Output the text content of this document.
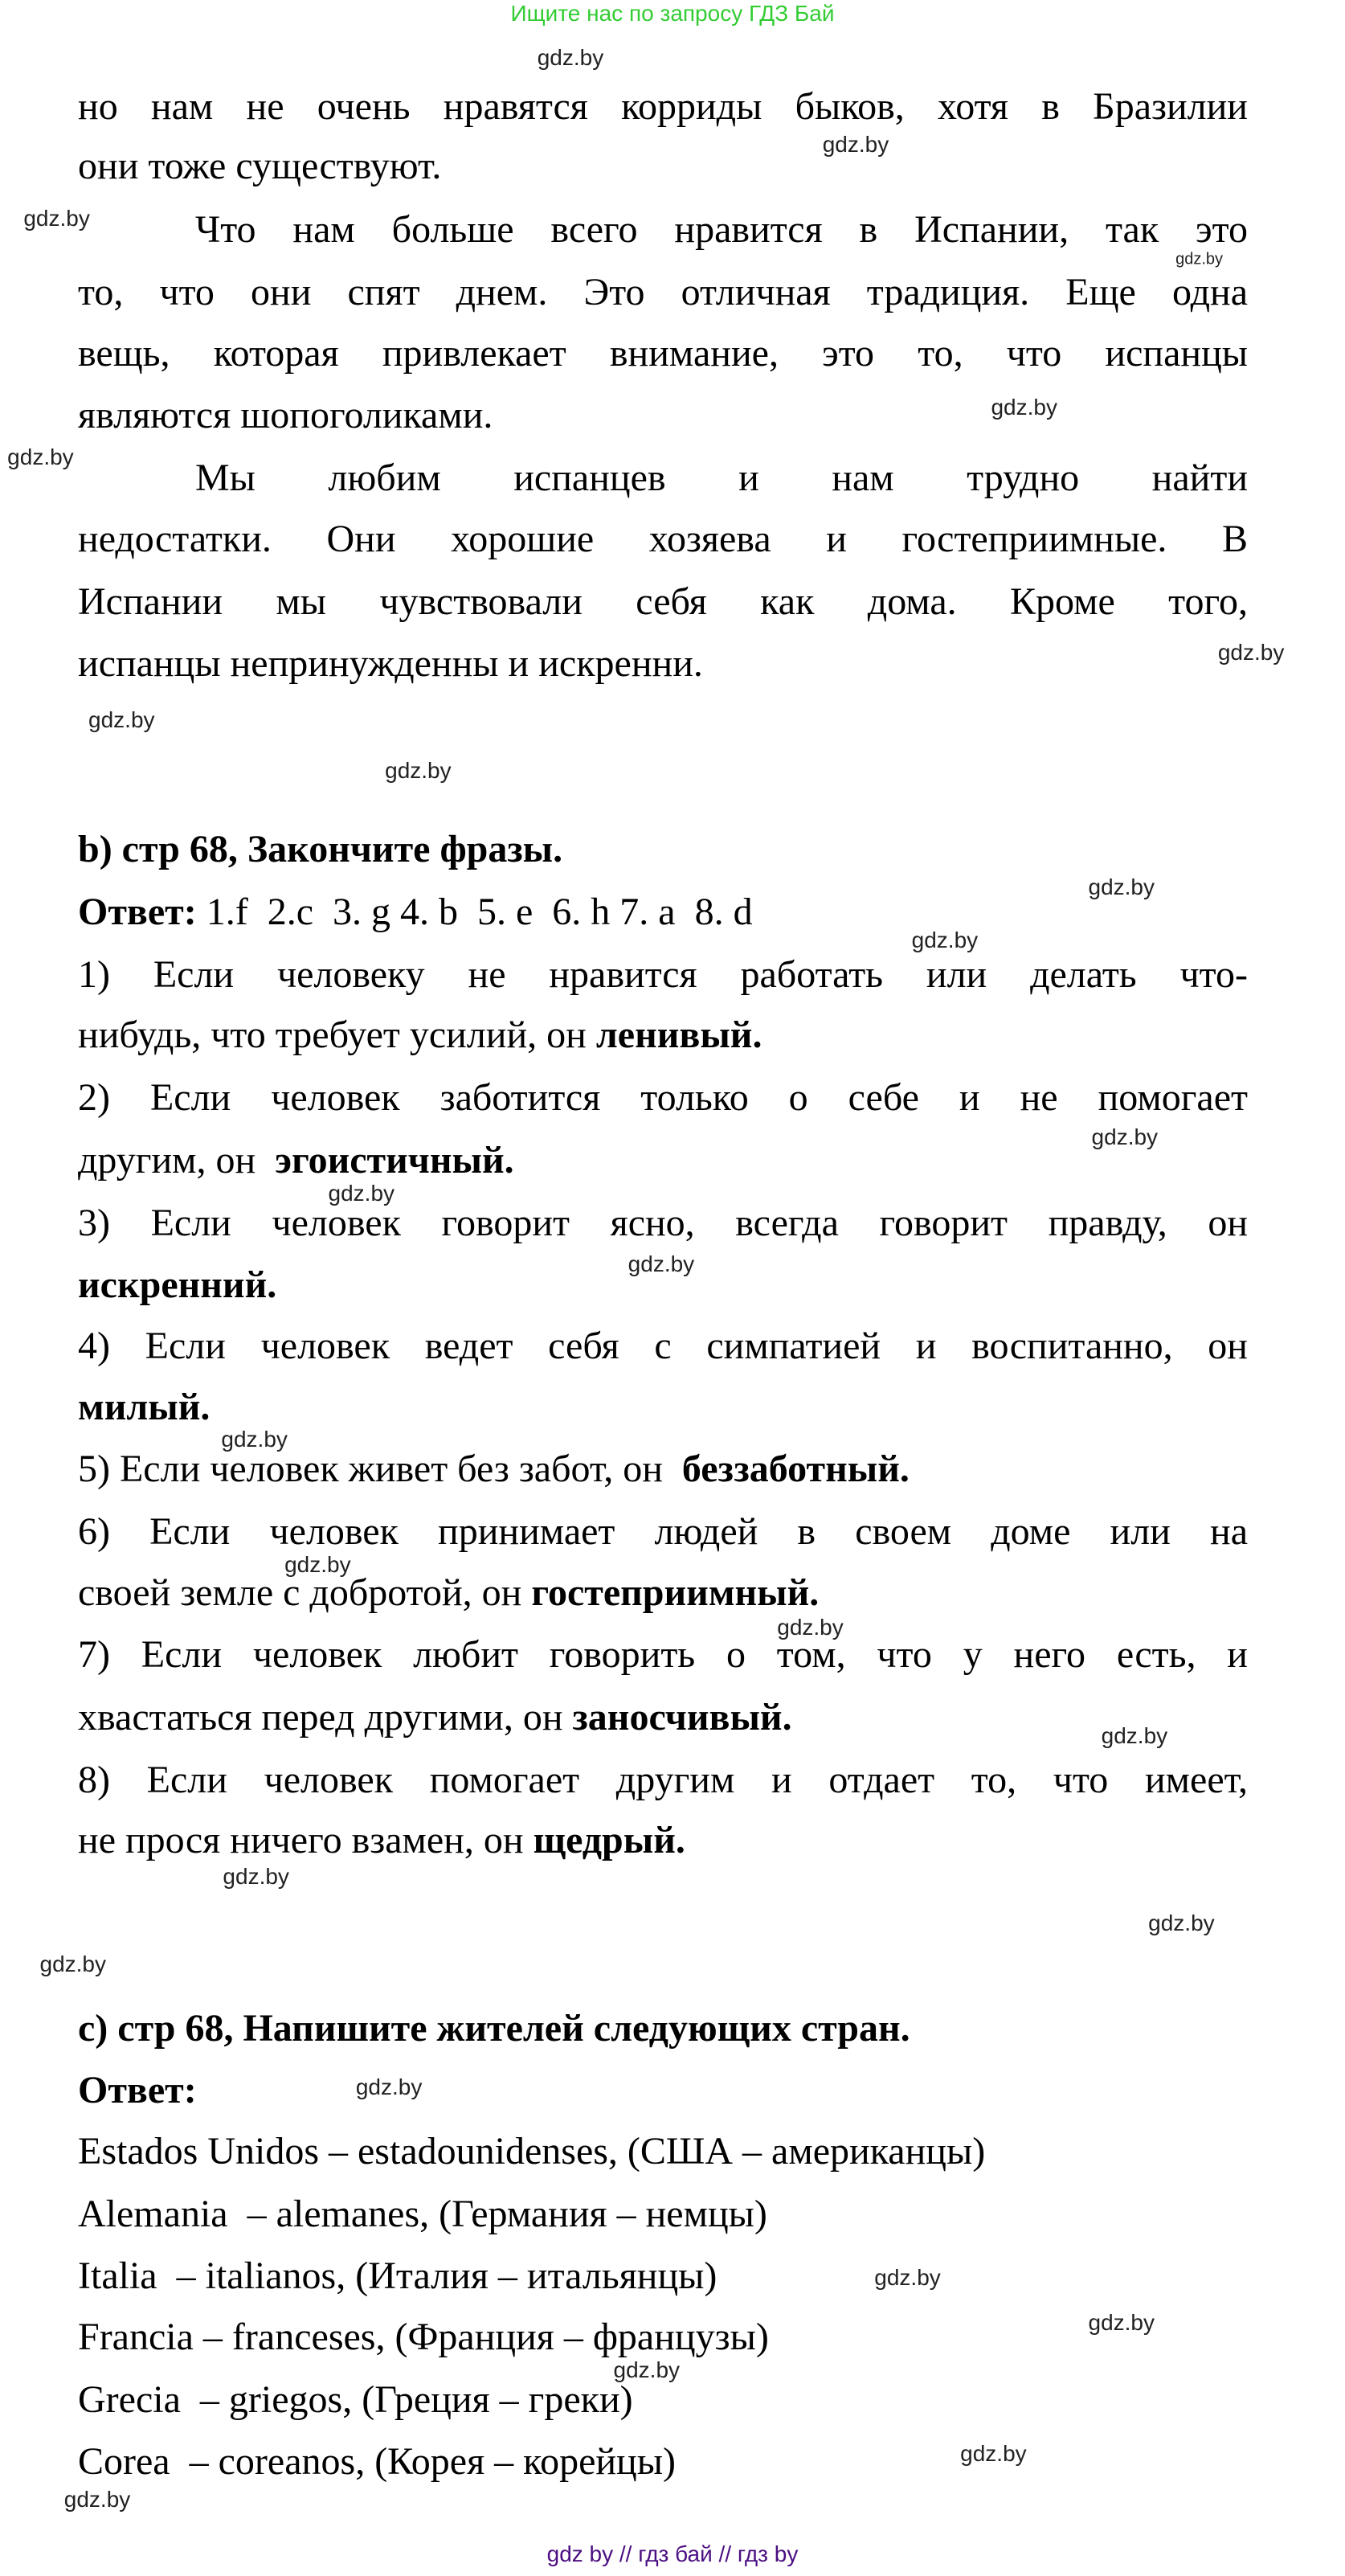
Ищите нас по запросу ГДЗ Бай
но нам не очень нравятся корриды быков, хотя в Бразилии
они тоже существуют.
Что нам больше всего нравится в Испании, так это
то, что они спят днем. Это отличная традиция. Еще одна
вещь, которая привлекает внимание, это то, что испанцы
являются шопоголиками.
Мы любим испанцев и нам трудно найти
недостатки. Они хорошие хозяева и гостеприимные. В
Испании мы чувствовали себя как дома. Кроме того,
испанцы непринужденны и искренни.
b) стр 68, Закончите фразы.
Ответ: 1.f  2.c  3. g 4. b  5. e  6. h 7. a  8. d
1) Если человеку не нравится работать или делать что-
нибудь, что требует усилий, он ленивый.
2) Если человек заботится только о себе и не помогает
другим, он  эгоистичный.
3) Если человек говорит ясно, всегда говорит правду, он
искренний.
4) Если человек ведет себя с симпатией и воспитанно, он
милый.
5) Если человек живет без забот, он  беззаботный.
6) Если человек принимает людей в своем доме или на
своей земле с добротой, он гостеприимный.
7) Если человек любит говорить о том, что у него есть, и
хвастаться перед другими, он заносчивый.
8) Если человек помогает другим и отдает то, что имеет,
не прося ничего взамен, он щедрый.
c) стр 68, Напишите жителей следующих стран.
Ответ:
Estados Unidos – estadounidenses, (США – американцы)
Alemania  – alemanes, (Германия – немцы)
Italia  – italianos, (Италия – итальянцы)
Francia – franceses, (Франция – французы)
Grecia  – griegos, (Греция – греки)
Corea  – coreanos, (Корея – корейцы)
gdz.by
gdz.by
gdz.by
gdz.by
gdz.by
gdz.by
gdz.by
gdz.by
gdz.by
gdz.by
gdz.by
gdz.by
gdz.by
gdz.by
gdz.by
gdz.by
gdz.by
gdz.by
gdz.by
gdz.by
gdz.by
gdz.by
gdz.by
gdz.by
gdz.by
gdz.by
gdz.by
gdz by // гдз бай // гдз by
